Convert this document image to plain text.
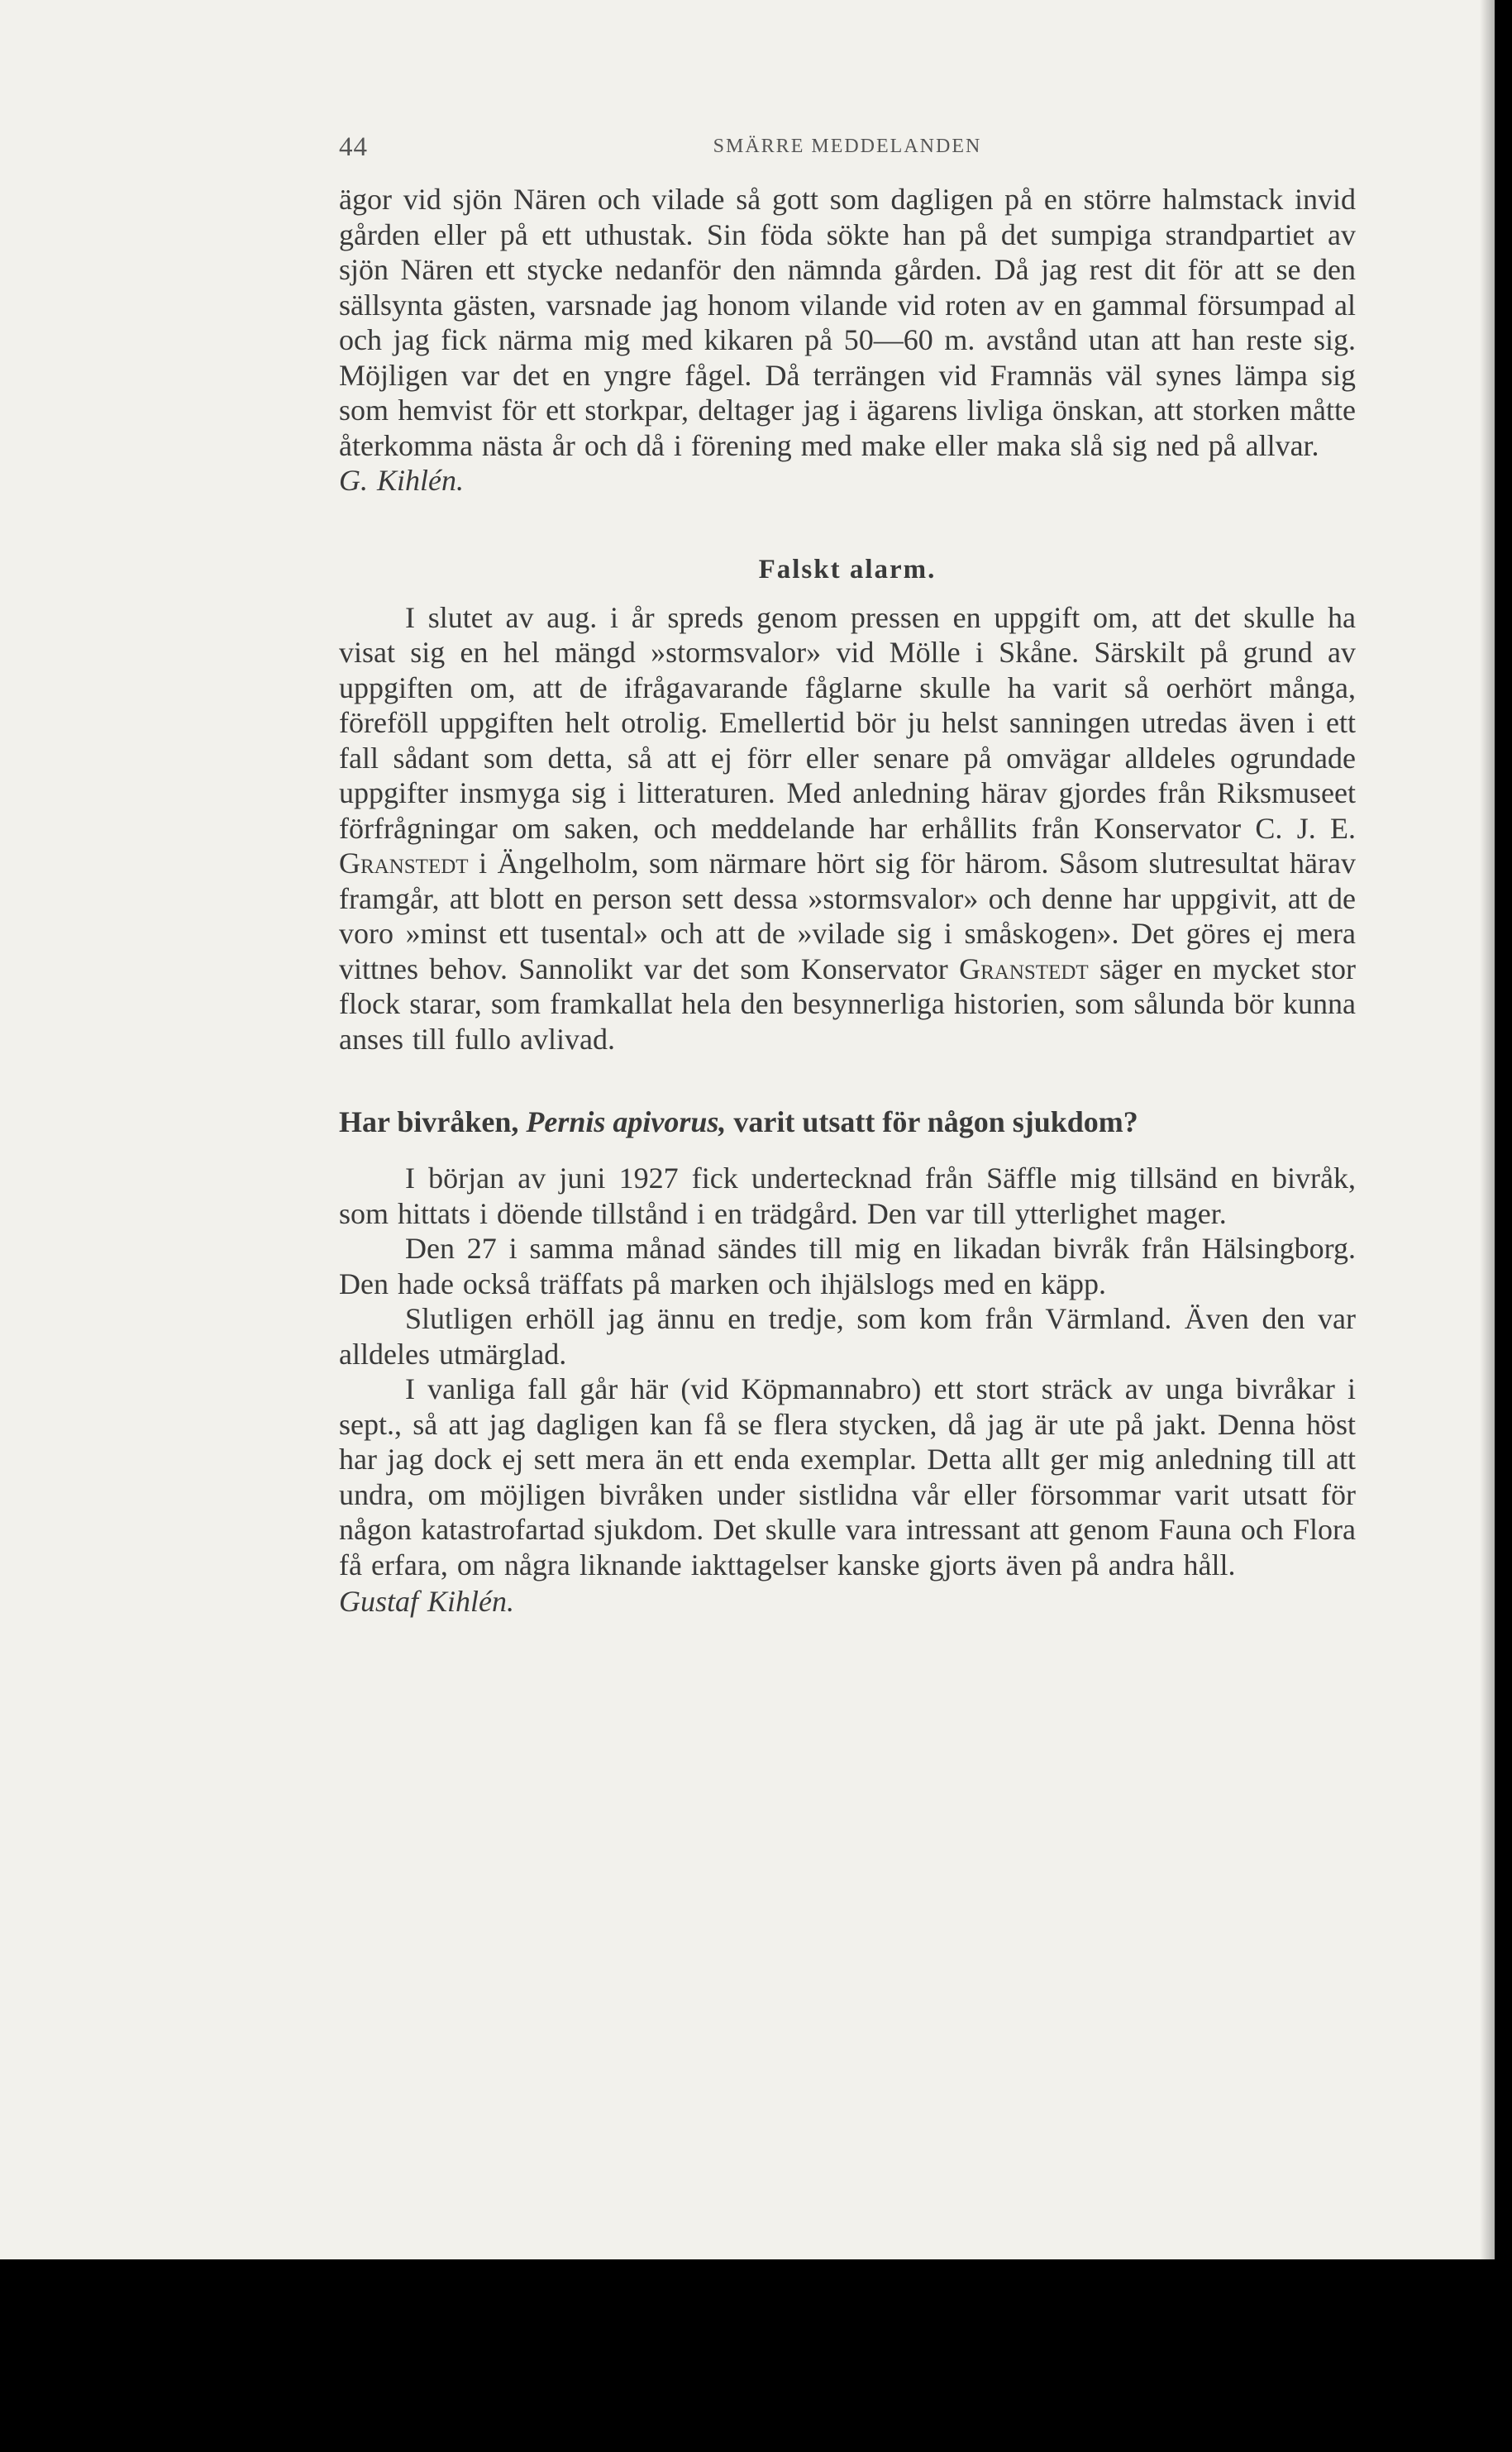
44	SMÄRRE MEDDELANDEN

ägor vid sjön Nären och vilade så gott som dagligen på en större halmstack invid gården eller på ett uthustak. Sin föda sökte han på det sumpiga strandpartiet av sjön Nären ett stycke nedanför den nämnda gården. Då jag rest dit för att se den sällsynta gästen, varsnade jag honom vilande vid roten av en gammal försumpad al och jag fick närma mig med kikaren på 50—60 m. avstånd utan att han reste sig. Möjligen var det en yngre fågel. Då terrängen vid Framnäs väl synes lämpa sig som hemvist för ett storkpar, deltager jag i ägarens livliga önskan, att storken måtte återkomma nästa år och då i förening med make eller maka slå sig ned på allvar.

G. Kihlén.

Falskt alarm.

I slutet av aug. i år spreds genom pressen en uppgift om, att det skulle ha visat sig en hel mängd »stormsvalor» vid Mölle i Skåne. Särskilt på grund av uppgiften om, att de ifrågavarande fåglarne skulle ha varit så oerhört många, föreföll uppgiften helt otrolig. Emellertid bör ju helst sanningen utredas även i ett fall sådant som detta, så att ej förr eller senare på omvägar alldeles ogrundade uppgifter insmyga sig i litteraturen. Med anledning härav gjordes från Riksmuseet förfrågningar om saken, och meddelande har erhållits från Konservator C. J. E. Granstedt i Ängelholm, som närmare hört sig för härom. Såsom slutresultat härav framgår, att blott en person sett dessa »stormsvalor» och denne har uppgivit, att de voro »minst ett tusental» och att de »vilade sig i småskogen». Det göres ej mera vittnes behov. Sannolikt var det som Konservator Granstedt säger en mycket stor flock starar, som framkallat hela den besynnerliga historien, som sålunda bör kunna anses till fullo avlivad.

Har bivråken, Pernis apivorus, varit utsatt för någon sjukdom?

I början av juni 1927 fick undertecknad från Säffle mig tillsänd en bivråk, som hittats i döende tillstånd i en trädgård. Den var till ytterlighet mager.

Den 27 i samma månad sändes till mig en likadan bivråk från Hälsingborg. Den hade också träffats på marken och ihjälslogs med en käpp.

Slutligen erhöll jag ännu en tredje, som kom från Värmland. Även den var alldeles utmärglad.

I vanliga fall går här (vid Köpmannabro) ett stort sträck av unga bivråkar i sept., så att jag dagligen kan få se flera stycken, då jag är ute på jakt. Denna höst har jag dock ej sett mera än ett enda exemplar. Detta allt ger mig anledning till att undra, om möjligen bivråken under sistlidna vår eller försommar varit utsatt för någon katastrofartad sjukdom. Det skulle vara intressant att genom Fauna och Flora få erfara, om några liknande iakttagelser kanske gjorts även på andra håll.

Gustaf Kihlén.
